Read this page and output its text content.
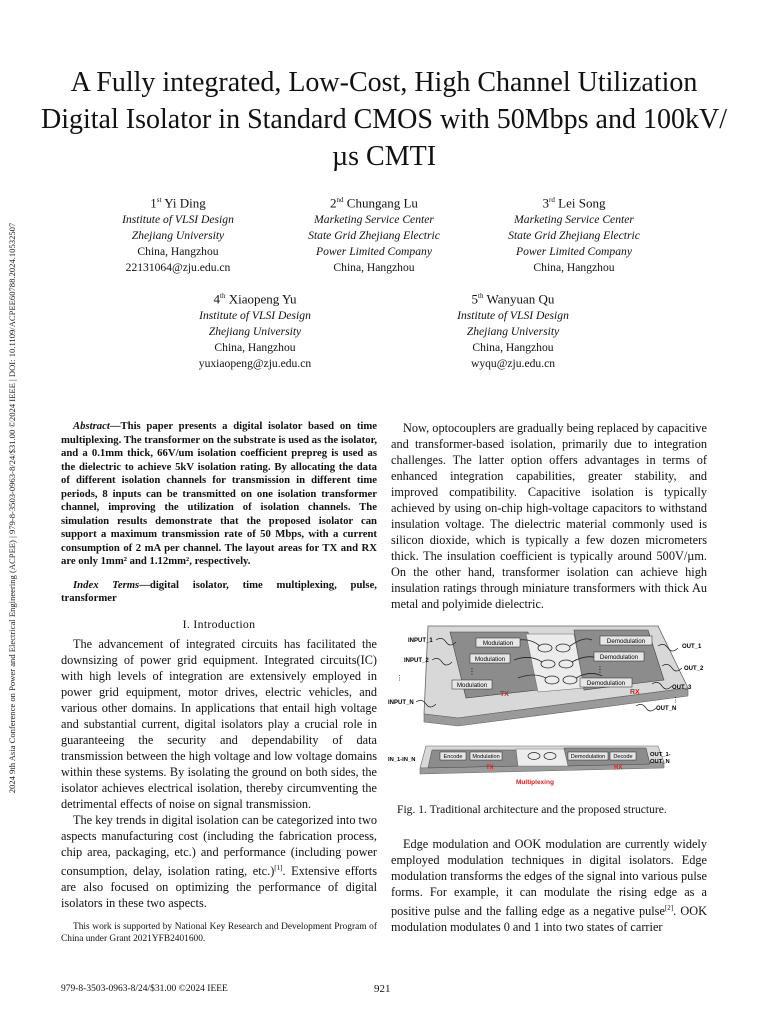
2024 9th Asia Conference on Power and Electrical Engineering (ACPEE) | 979-8-3503-0963-8/24/$31.00 ©2024 IEEE | DOI: 10.1109/ACPEE60788.2024.10532507
A Fully integrated, Low-Cost, High Channel Utilization Digital Isolator in Standard CMOS with 50Mbps and 100kV/µs CMTI
1st Yi Ding
Institute of VLSI Design
Zhejiang University
China, Hangzhou
22131064@zju.edu.cn
2nd Chungang Lu
Marketing Service Center
State Grid Zhejiang Electric
Power Limited Company
China, Hangzhou
3rd Lei Song
Marketing Service Center
State Grid Zhejiang Electric
Power Limited Company
China, Hangzhou
4th Xiaopeng Yu
Institute of VLSI Design
Zhejiang University
China, Hangzhou
yuxiaopeng@zju.edu.cn
5th Wanyuan Qu
Institute of VLSI Design
Zhejiang University
China, Hangzhou
wyqu@zju.edu.cn

Abstract—This paper presents a digital isolator based on time multiplexing. The transformer on the substrate is used as the isolator, and a 0.1mm thick, 66V/um isolation coefficient prepreg is used as the dielectric to achieve 5kV isolation rating. By allocating the data of different isolation channels for transmission in different time periods, 8 inputs can be transmitted on one isolation transformer channel, improving the utilization of isolation channels. The simulation results demonstrate that the proposed isolator can support a maximum transmission rate of 50 Mbps, with a current consumption of 2 mA per channel. The layout areas for TX and RX are only 1mm² and 1.12mm², respectively.

Index Terms—digital isolator, time multiplexing, pulse, transformer

I. Introduction

The advancement of integrated circuits has facilitated the downsizing of power grid equipment. Integrated circuits(IC) with high levels of integration are extensively employed in power grid equipment, motor drives, electric vehicles, and various other domains. In applications that entail high voltage and substantial current, digital isolators play a crucial role in guaranteeing the security and dependability of data transmission between the high voltage and low voltage domains within these systems. By isolating the ground on both sides, the isolator achieves electrical isolation, thereby circumventing the detrimental effects of noise on signal transmission.

The key trends in digital isolation can be categorized into two aspects manufacturing cost (including the fabrication process, chip area, packaging, etc.) and performance (including power consumption, delay, isolation rating, etc.)[1]. Extensive efforts are also focused on optimizing the performance of digital isolators in these two aspects.

This work is supported by National Key Research and Development Program of China under Grant 2021YFB2401600.

Now, optocouplers are gradually being replaced by capacitive and transformer-based isolation, primarily due to integration challenges. The latter option offers advantages in terms of enhanced integration capabilities, greater stability, and improved compatibility. Capacitive isolation is typically achieved by using on-chip high-voltage capacitors to withstand insulation voltage. The dielectric material commonly used is silicon dioxide, which is typically a few dozen micrometers thick. The insulation coefficient is typically around 500V/µm. On the other hand, transformer isolation can achieve high insulation ratings through miniature transformers with thick Au metal and polyimide dielectric.

Modulation
Modulation
Modulation
Demodulation
Demodulation
Demodulation
⋮	⋮
TX	RX
INPUT_1
INPUT_2
INPUT_N
OUT_1
OUT_2
OUT_3
OUT_N
⋮
⋮
Encode Modulation	Demodulation Decode
TX	RX
IN_1-IN_N
OUT_1-
OUT_N
Multiplexing
Fig. 1. Traditional architecture and the proposed structure.

Edge modulation and OOK modulation are currently widely employed modulation techniques in digital isolators. Edge modulation transforms the edges of the signal into various pulse forms. For example, it can modulate the rising edge as a positive pulse and the falling edge as a negative pulse[2]. OOK modulation modulates 0 and 1 into two states of carrier

979-8-3503-0963-8/24/$31.00 ©2024 IEEE	921
